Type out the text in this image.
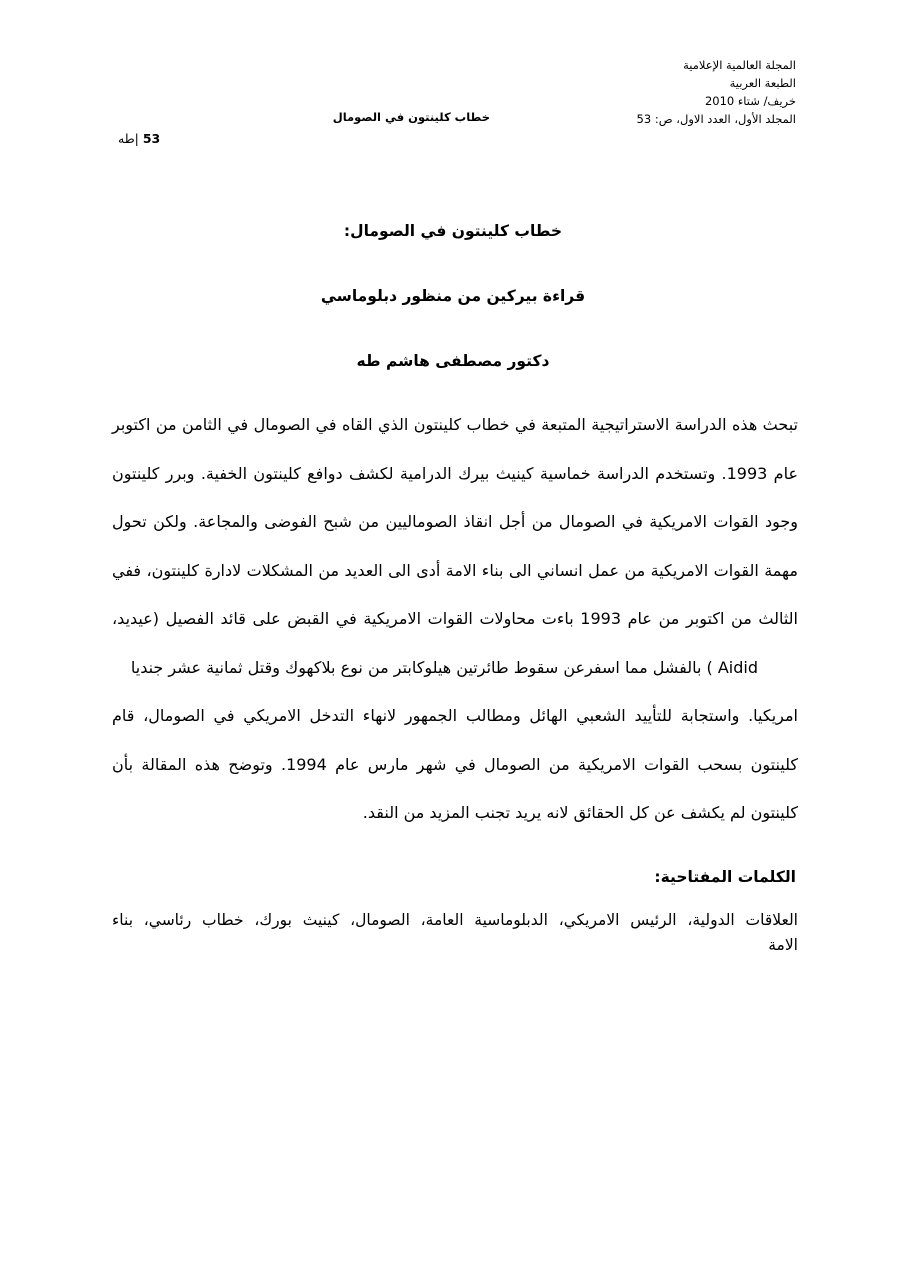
المجلة العالمية الإعلامية
الطبعة العربية
خريف/ شتاء 2010
المجلد الأول، العدد الاول، ص: 53
خطاب كلينتون في الصومال
53 |طه
خطاب كلينتون في الصومال:
قراءة بيركين من منظور دبلوماسي
دكتور مصطفى هاشم طه
تبحث هذه الدراسة الاستراتيجية المتبعة في خطاب كلينتون الذي القاه في الصومال في الثامن من اكتوبر
عام 1993. وتستخدم الدراسة خماسية كينيث بيرك الدرامية لكشف دوافع كلينتون الخفية. وبرر كلينتون
وجود القوات الامريكية في الصومال من أجل انقاذ الصوماليين من شبح الفوضى والمجاعة. ولكن تحول
مهمة القوات الامريكية من عمل انساني الى بناء الامة أدى الى العديد من المشكلات لادارة كلينتون، ففي
الثالث من اكتوبر من عام 1993 باءت محاولات القوات الامريكية في القبض على قائد الفصيل (عيديد،
Aidid ) بالفشل مما اسفرعن سقوط طائرتين هيلوكابتر من نوع بلاكهوك وقتل ثمانية عشر جنديا
امريكيا. واستجابة للتأييد الشعبي الهائل ومطالب الجمهور لانهاء التدخل الامريكي في الصومال، قام
كلينتون بسحب القوات الامريكية من الصومال في شهر مارس عام 1994. وتوضح هذه المقالة بأن
كلينتون لم يكشف عن كل الحقائق لانه يريد تجنب المزيد من النقد.
الكلمات المفتاحية:
العلاقات الدولية، الرئيس الامريكي، الدبلوماسية العامة، الصومال، كينيث بورك، خطاب رئاسي، بناء
الامة
